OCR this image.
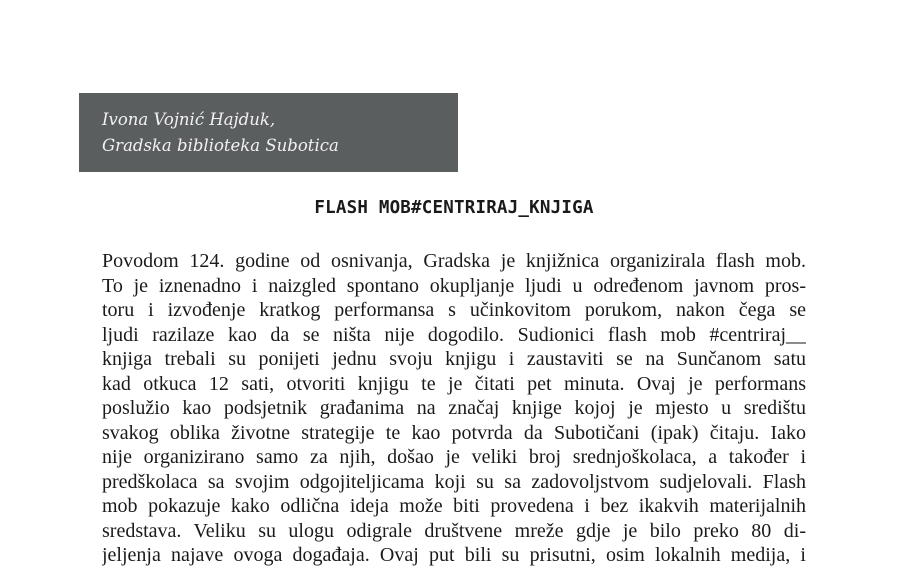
Ivona Vojnić Hajduk,
Gradska biblioteka Subotica
FLASH MOB#CENTRIRAJ_KNJIGA
Povodom 124. godine od osnivanja, Gradska je knjižnica organizirala flash mob.
To je iznenadno i naizgled spontano okupljanje ljudi u određenom javnom pros-
toru i izvođenje kratkog performansa s učinkovitom porukom, nakon čega se
ljudi razilaze kao da se ništa nije dogodilo. Sudionici flash mob #centriraj__
knjiga trebali su ponijeti jednu svoju knjigu i zaustaviti se na Sunčanom satu
kad otkuca 12 sati, otvoriti knjigu te je čitati pet minuta. Ovaj je performans
poslužio kao podsjetnik građanima na značaj knjige kojoj je mjesto u središtu
svakog oblika životne strategije te kao potvrda da Subotičani (ipak) čitaju. Iako
nije organizirano samo za njih, došao je veliki broj srednjoškolaca, a također i
predškolaca sa svojim odgojiteljicama koji su sa zadovoljstvom sudjelovali. Flash
mob pokazuje kako odlična ideja može biti provedena i bez ikakvih materijalnih
sredstava. Veliku su ulogu odigrale društvene mreže gdje je bilo preko 80 di-
jeljenja najave ovoga događaja. Ovaj put bili su prisutni, osim lokalnih medija, i
